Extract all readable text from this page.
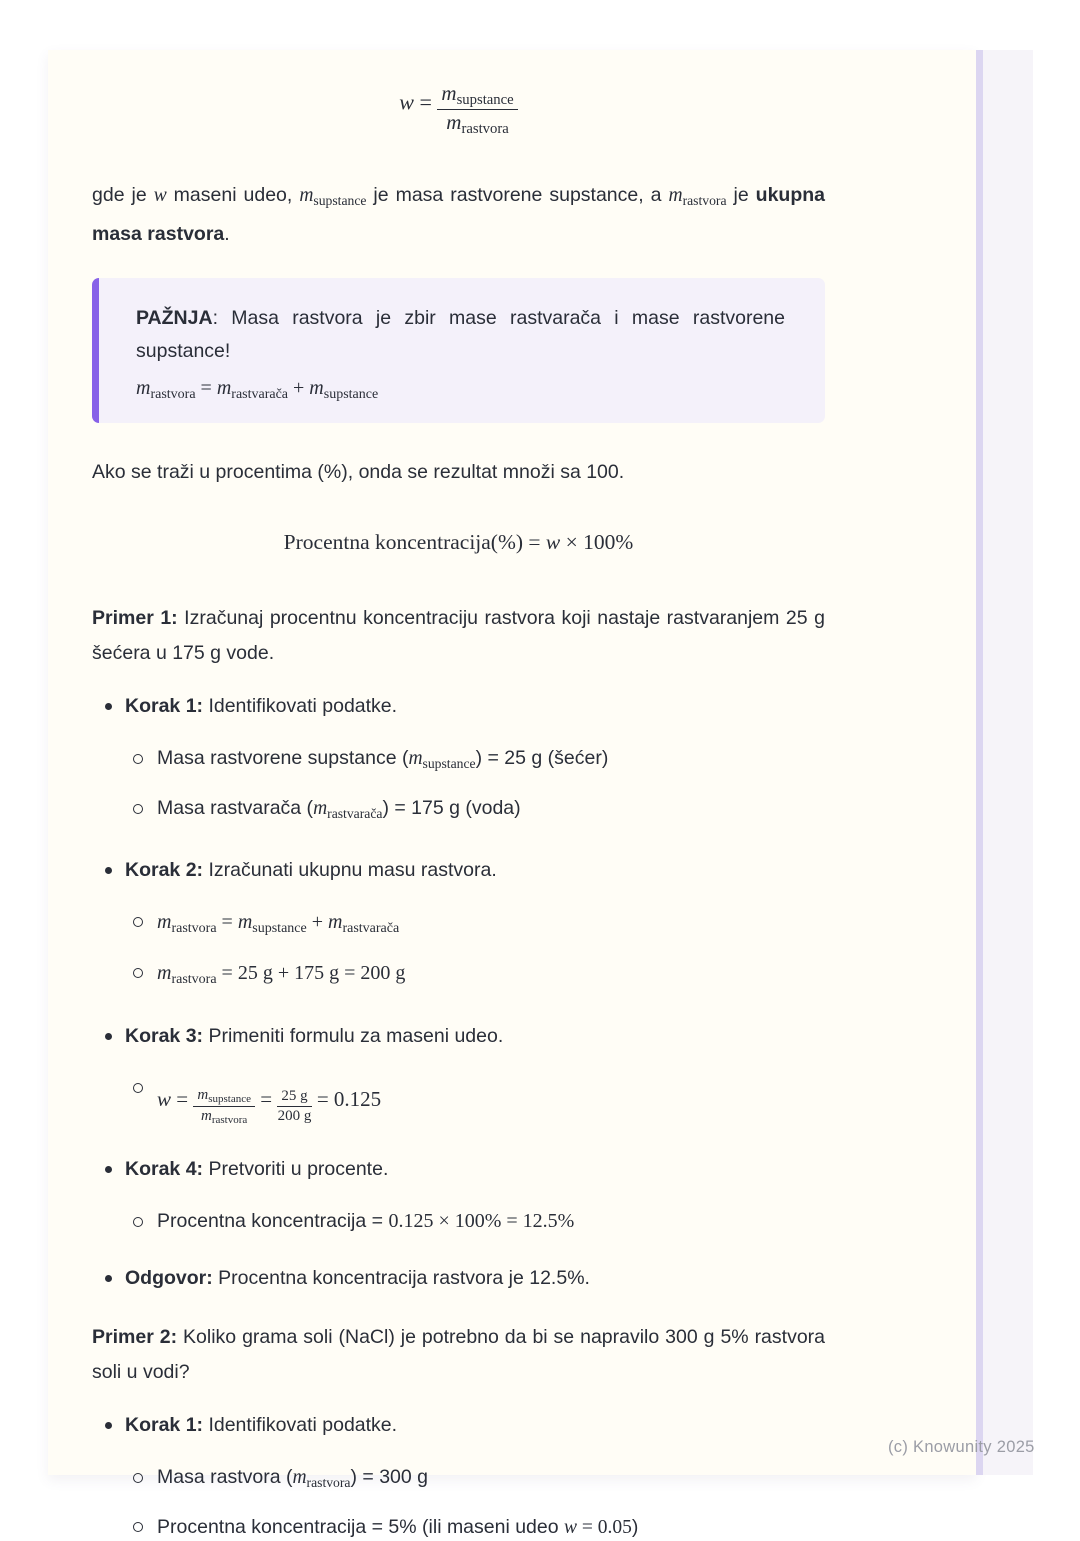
$w = \frac{\text{msupstance}}{\text{mrastvora}}$

gde je w maseni udeo, msupstance je masa rastvorene supstance, a mrastvora je ukupna masa rastvora.

PAŽNJA: Masa rastvora je zbir mase rastvarača i mase rastvorene supstance!

mrastvora = mrastvarača + msupstance

Ako se traži u procentima (%), onda se rezultat množi sa 100.

Procentna koncentracija(%) = w × 100%

Primer 1: Izračunaj procentnu koncentraciju rastvora koji nastaje rastvaranjem 25 g šećera u 175 g vode.

Korak 1: Identifikovati podatke.
Masa rastvorene supstance (msupstance) = 25 g (šećer)
Masa rastvarača (mrastvarača) = 175 g (voda)
Korak 2: Izračunati ukupnu masu rastvora.
mrastvora = msupstance + mrastvarača
mrastvora = 25 g + 175 g = 200 g
Korak 3: Primeniti formulu za maseni udeo.
$w = \frac{m_{supstance}}{m_{rastvora}} = \frac{25 g}{200 g} = 0.125$
Korak 4: Pretvoriti u procente.
Procentna koncentracija = 0.125 × 100% = 12.5%
Odgovor: Procentna koncentracija rastvora je 12.5%.

Primer 2: Koliko grama soli (NaCl) je potrebno da bi se napravilo 300 g 5% rastvora soli u vodi?

Korak 1: Identifikovati podatke.
Masa rastvora (mrastvora) = 300 g
Procentna koncentracija = 5% (ili maseni udeo w = 0.05)
(c) Knowunity 2025
